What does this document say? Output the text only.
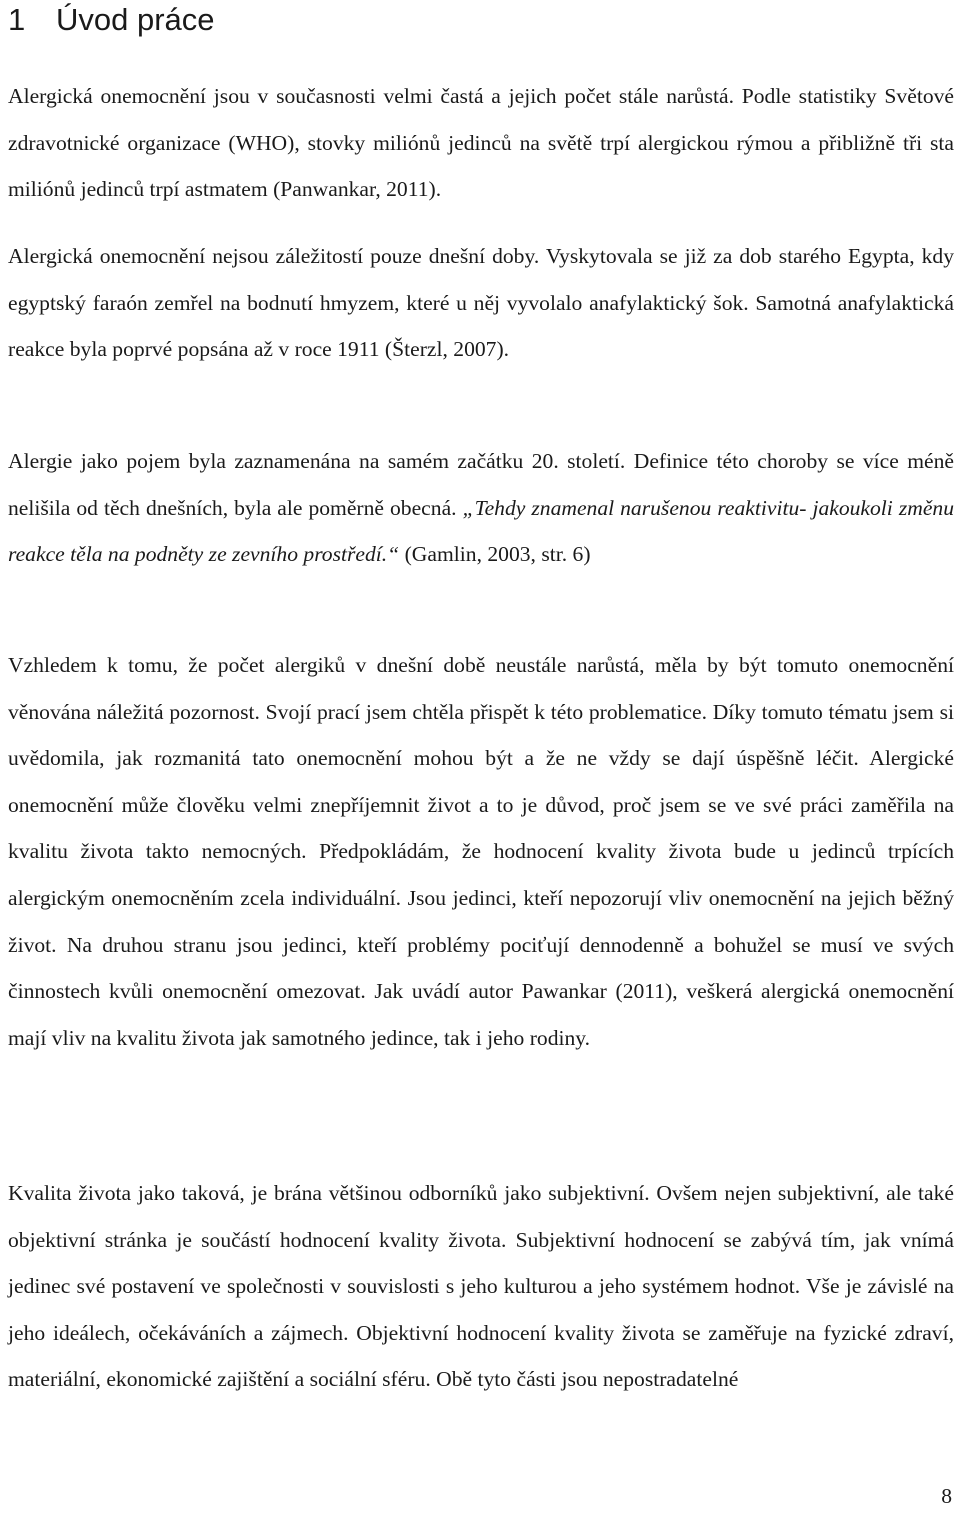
1 Úvod práce

Alergická onemocnění jsou v současnosti velmi častá a jejich počet stále narůstá. Podle statistiky Světové zdravotnické organizace (WHO), stovky miliónů jedinců na světě trpí alergickou rýmou a přibližně tři sta miliónů jedinců trpí astmatem (Panwankar, 2011).

Alergická onemocnění nejsou záležitostí pouze dnešní doby. Vyskytovala se již za dob starého Egypta, kdy egyptský faraón zemřel na bodnutí hmyzem, které u něj vyvolalo anafylaktický šok. Samotná anafylaktická reakce byla poprvé popsána až v roce 1911 (Šterzl, 2007).

Alergie jako pojem byla zaznamenána na samém začátku 20. století. Definice této choroby se více méně nelišila od těch dnešních, byla ale poměrně obecná. „Tehdy znamenal narušenou reaktivitu- jakoukoli změnu reakce těla na podněty ze zevního prostředí.“ (Gamlin, 2003, str. 6)

Vzhledem k tomu, že počet alergiků v dnešní době neustále narůstá, měla by být tomuto onemocnění věnována náležitá pozornost. Svojí prací jsem chtěla přispět k této problematice. Díky tomuto tématu jsem si uvědomila, jak rozmanitá tato onemocnění mohou být a že ne vždy se dají úspěšně léčit. Alergické onemocnění může člověku velmi znepříjemnit život a to je důvod, proč jsem se ve své práci zaměřila na kvalitu života takto nemocných. Předpokládám, že hodnocení kvality života bude u jedinců trpících alergickým onemocněním zcela individuální. Jsou jedinci, kteří nepozorují vliv onemocnění na jejich běžný život. Na druhou stranu jsou jedinci, kteří problémy pociťují dennodenně a bohužel se musí ve svých činnostech kvůli onemocnění omezovat. Jak uvádí autor Pawankar (2011), veškerá alergická onemocnění mají vliv na kvalitu života jak samotného jedince, tak i jeho rodiny.

Kvalita života jako taková, je brána většinou odborníků jako subjektivní. Ovšem nejen subjektivní, ale také objektivní stránka je součástí hodnocení kvality života. Subjektivní hodnocení se zabývá tím, jak vnímá jedinec své postavení ve společnosti v souvislosti s jeho kulturou a jeho systémem hodnot. Vše je závislé na jeho ideálech, očekáváních a zájmech. Objektivní hodnocení kvality života se zaměřuje na fyzické zdraví, materiální, ekonomické zajištění a sociální sféru. Obě tyto části jsou nepostradatelné

8
